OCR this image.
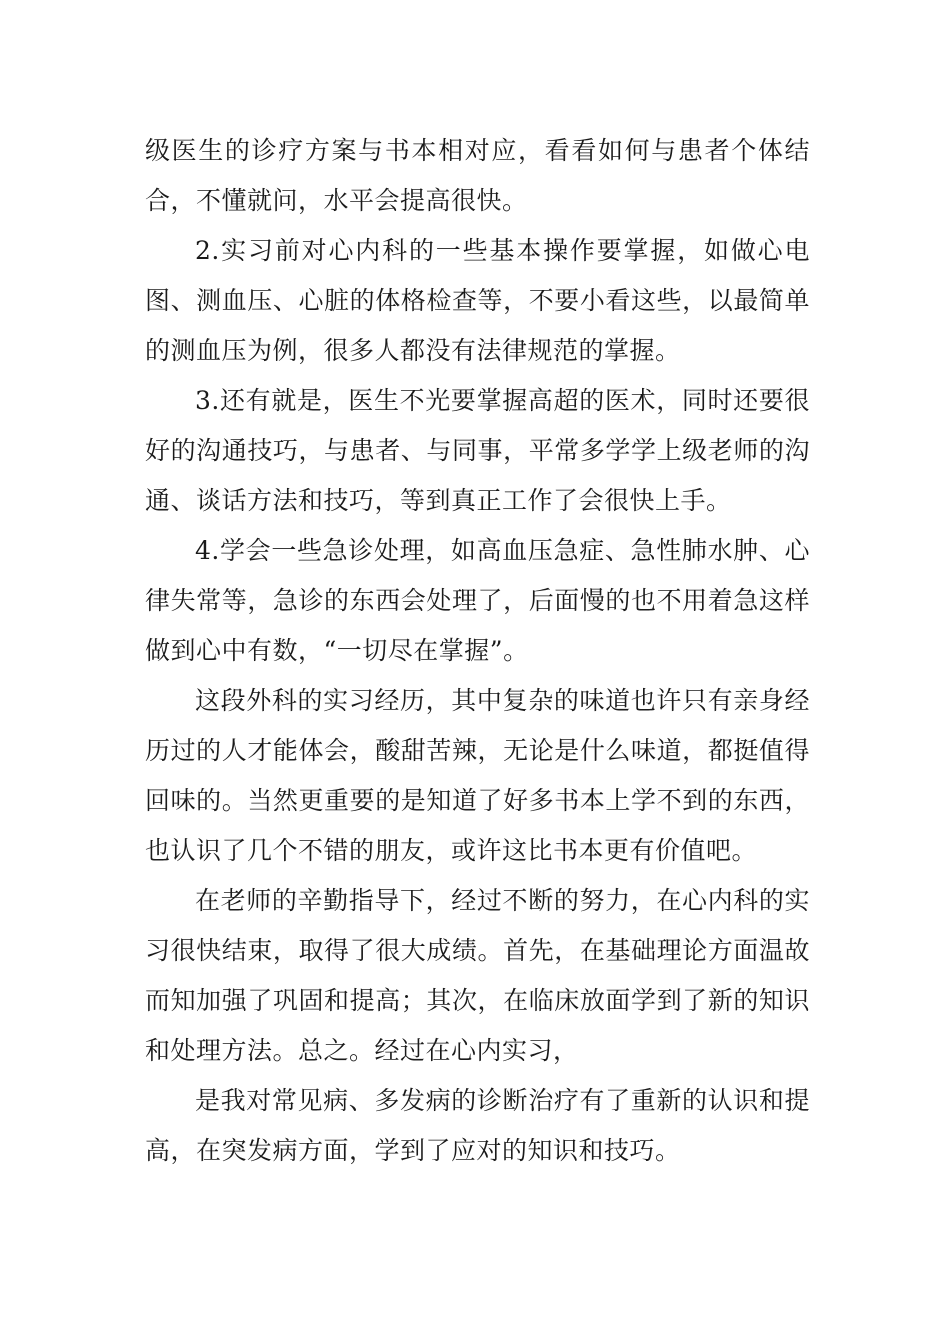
级医生的诊疗方案与书本相对应，看看如何与患者个体结合，不懂就问，水平会提高很快。

2.实习前对心内科的一些基本操作要掌握，如做心电图、测血压、心脏的体格检查等，不要小看这些，以最简单的测血压为例，很多人都没有法律规范的掌握。

3.还有就是，医生不光要掌握高超的医术，同时还要很好的沟通技巧，与患者、与同事，平常多学学上级老师的沟通、谈话方法和技巧，等到真正工作了会很快上手。

4.学会一些急诊处理，如高血压急症、急性肺水肿、心律失常等，急诊的东西会处理了，后面慢的也不用着急这样做到心中有数，“一切尽在掌握”。

这段外科的实习经历，其中复杂的味道也许只有亲身经历过的人才能体会，酸甜苦辣，无论是什么味道，都挺值得回味的。当然更重要的是知道了好多书本上学不到的东西，也认识了几个不错的朋友，或许这比书本更有价值吧。

在老师的辛勤指导下，经过不断的努力，在心内科的实习很快结束，取得了很大成绩。首先，在基础理论方面温故而知加强了巩固和提高；其次，在临床放面学到了新的知识和处理方法。总之。经过在心内实习，

是我对常见病、多发病的诊断治疗有了重新的认识和提高，在突发病方面，学到了应对的知识和技巧。
